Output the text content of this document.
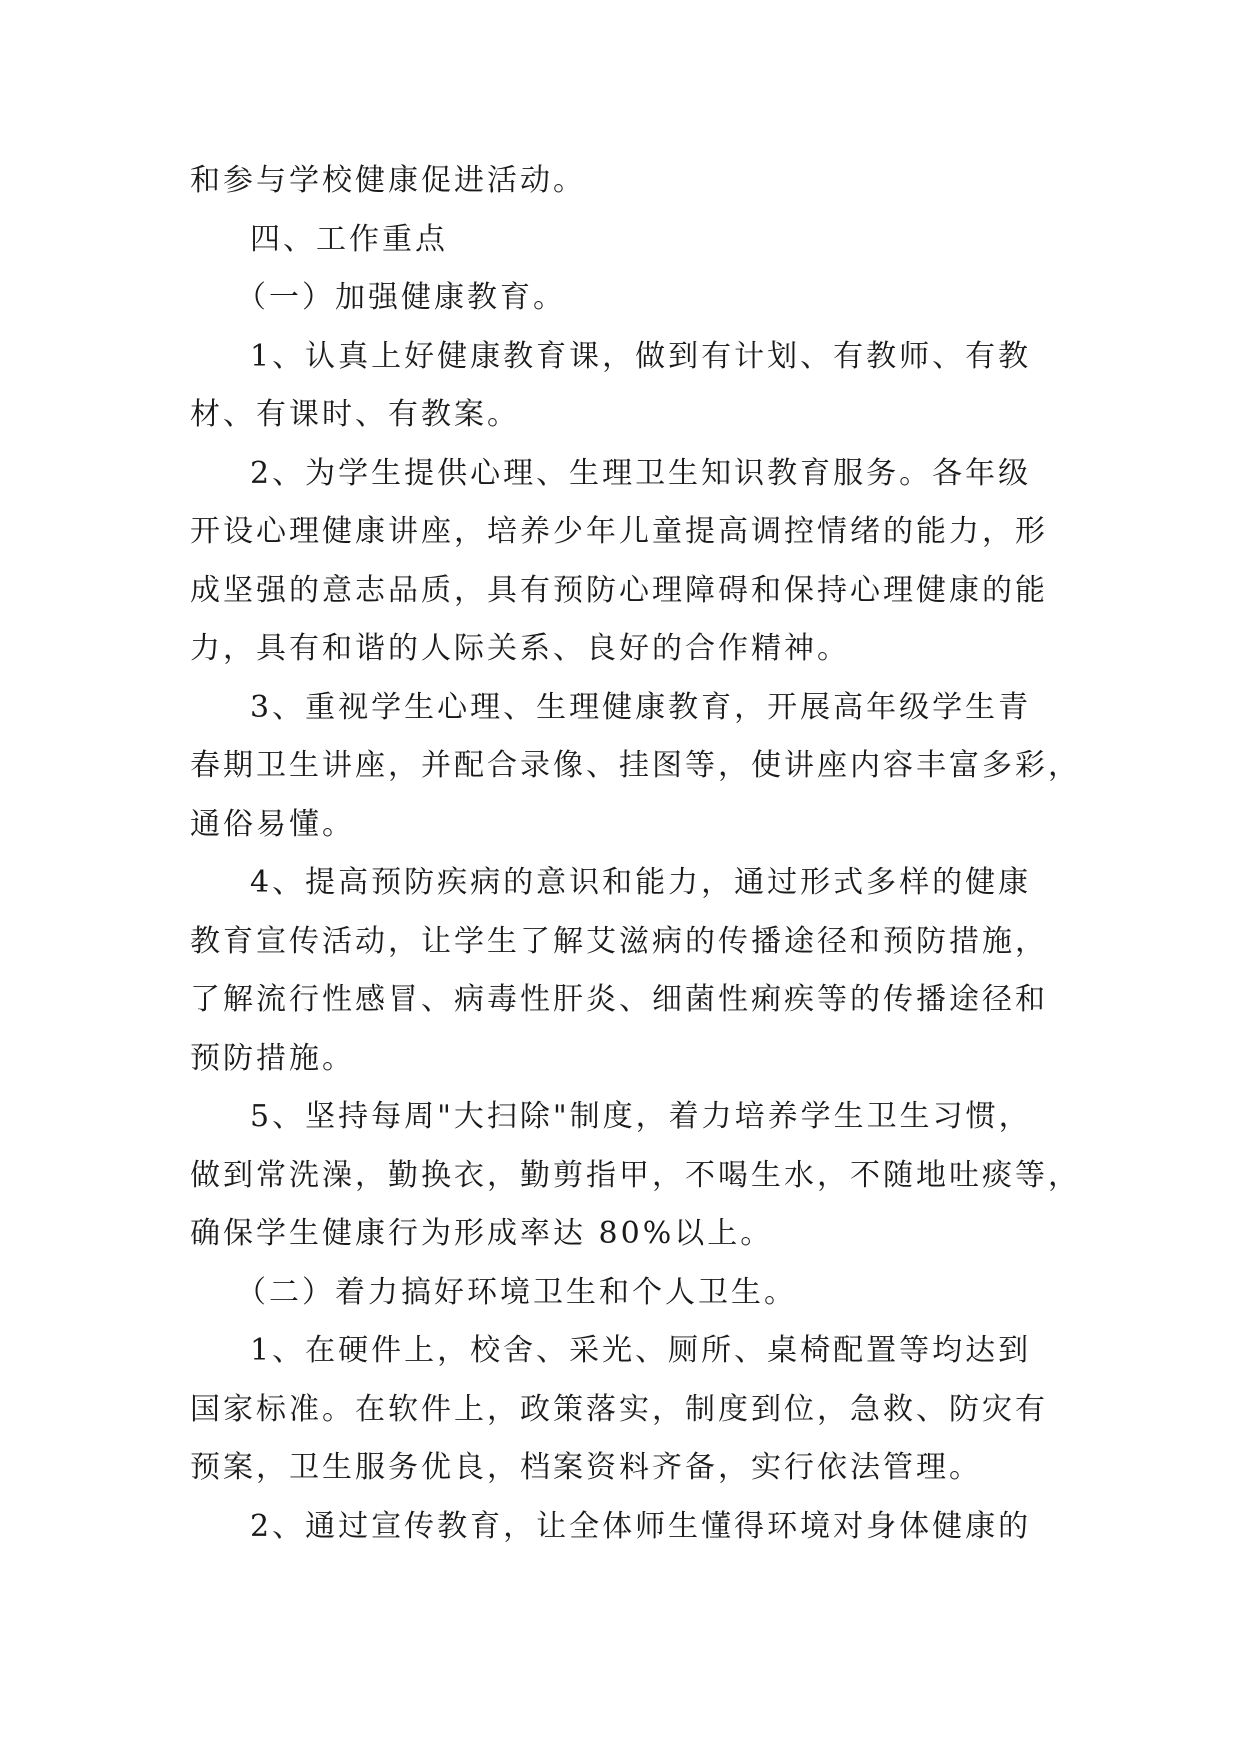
和参与学校健康促进活动。
四、工作重点
（一）加强健康教育。
1、认真上好健康教育课，做到有计划、有教师、有教
材、有课时、有教案。
2、为学生提供心理、生理卫生知识教育服务。各年级
开设心理健康讲座，培养少年儿童提高调控情绪的能力，形
成坚强的意志品质，具有预防心理障碍和保持心理健康的能
力，具有和谐的人际关系、良好的合作精神。
3、重视学生心理、生理健康教育，开展高年级学生青
春期卫生讲座，并配合录像、挂图等，使讲座内容丰富多彩，
通俗易懂。
4、提高预防疾病的意识和能力，通过形式多样的健康
教育宣传活动，让学生了解艾滋病的传播途径和预防措施，
了解流行性感冒、病毒性肝炎、细菌性痢疾等的传播途径和
预防措施。
5、坚持每周"大扫除"制度，着力培养学生卫生习惯，
做到常洗澡，勤换衣，勤剪指甲，不喝生水，不随地吐痰等，
确保学生健康行为形成率达 80%以上。
（二）着力搞好环境卫生和个人卫生。
1、在硬件上，校舍、采光、厕所、桌椅配置等均达到
国家标准。在软件上，政策落实，制度到位，急救、防灾有
预案，卫生服务优良，档案资料齐备，实行依法管理。
2、通过宣传教育，让全体师生懂得环境对身体健康的
